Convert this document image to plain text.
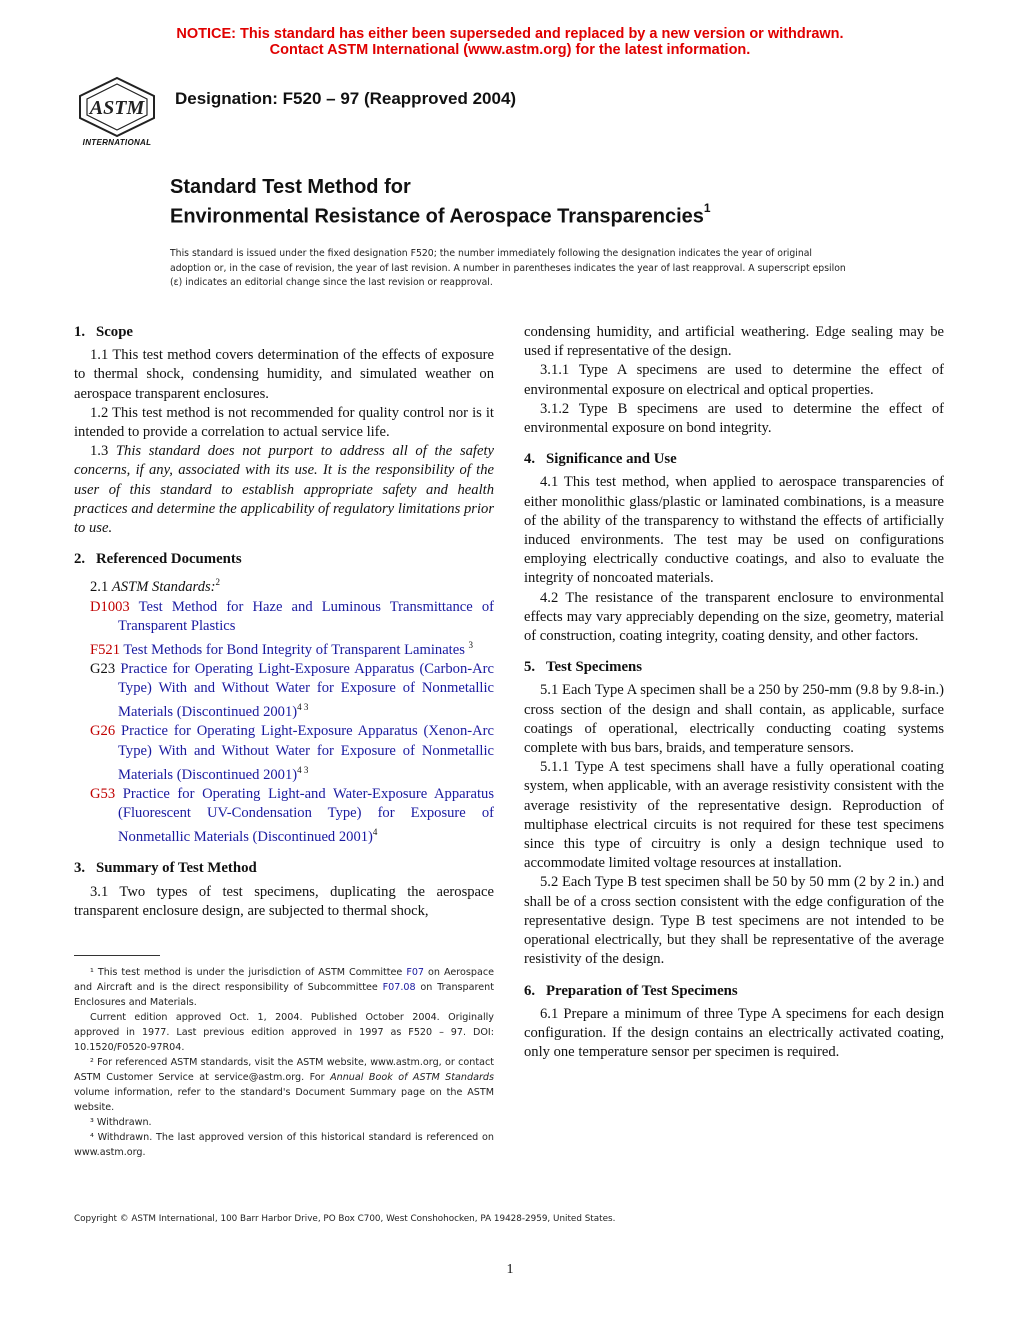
NOTICE: This standard has either been superseded and replaced by a new version or withdrawn.
Contact ASTM International (www.astm.org) for the latest information.
ASTM
INTERNATIONAL
Designation: F520 – 97 (Reapproved 2004)
Standard Test Method for
Environmental Resistance of Aerospace Transparencies$^1$
This standard is issued under the fixed designation F520; the number immediately following the designation indicates the year of original adoption or, in the case of revision, the year of last revision. A number in parentheses indicates the year of last reapproval. A superscript epsilon (ε) indicates an editorial change since the last revision or reapproval.
1. Scope

1.1 This test method covers determination of the effects of exposure to thermal shock, condensing humidity, and simulated weather on aerospace transparent enclosures.

1.2 This test method is not recommended for quality control nor is it intended to provide a correlation to actual service life.

1.3 This standard does not purport to address all of the safety concerns, if any, associated with its use. It is the responsibility of the user of this standard to establish appropriate safety and health practices and determine the applicability of regulatory limitations prior to use.

2. Referenced Documents

2.1 ASTM Standards:$^2$

D1003 Test Method for Haze and Luminous Transmittance of Transparent Plastics
F521 Test Methods for Bond Integrity of Transparent Laminates $^3$
G23 Practice for Operating Light-Exposure Apparatus (Carbon-Arc Type) With and Without Water for Exposure of Nonmetallic Materials (Discontinued 2001)$^{4 3}$
G26 Practice for Operating Light-Exposure Apparatus (Xenon-Arc Type) With and Without Water for Exposure of Nonmetallic Materials (Discontinued 2001)$^{4 3}$
G53 Practice for Operating Light-and Water-Exposure Apparatus (Fluorescent UV-Condensation Type) for Exposure of Nonmetallic Materials (Discontinued 2001)$^4$
3. Summary of Test Method

3.1 Two types of test specimens, duplicating the aerospace transparent enclosure design, are subjected to thermal shock,

¹ This test method is under the jurisdiction of ASTM Committee F07 on Aerospace and Aircraft and is the direct responsibility of Subcommittee F07.08 on Transparent Enclosures and Materials.

Current edition approved Oct. 1, 2004. Published October 2004. Originally approved in 1977. Last previous edition approved in 1997 as F520 – 97. DOI: 10.1520/F0520-97R04.

² For referenced ASTM standards, visit the ASTM website, www.astm.org, or contact ASTM Customer Service at service@astm.org. For Annual Book of ASTM Standards volume information, refer to the standard's Document Summary page on the ASTM website.

³ Withdrawn.

⁴ Withdrawn. The last approved version of this historical standard is referenced on www.astm.org.

condensing humidity, and artificial weathering. Edge sealing may be used if representative of the design.

3.1.1 Type A specimens are used to determine the effect of environmental exposure on electrical and optical properties.

3.1.2 Type B specimens are used to determine the effect of environmental exposure on bond integrity.

4. Significance and Use

4.1 This test method, when applied to aerospace transparencies of either monolithic glass/plastic or laminated combinations, is a measure of the ability of the transparency to withstand the effects of artificially induced environments. The test may be used on configurations employing electrically conductive coatings, and also to evaluate the integrity of noncoated materials.

4.2 The resistance of the transparent enclosure to environmental effects may vary appreciably depending on the size, geometry, material of construction, coating integrity, coating density, and other factors.

5. Test Specimens

5.1 Each Type A specimen shall be a 250 by 250-mm (9.8 by 9.8-in.) cross section of the design and shall contain, as applicable, surface coatings of operational, electrically conducting coating systems complete with bus bars, braids, and temperature sensors.

5.1.1 Type A test specimens shall have a fully operational coating system, when applicable, with an average resistivity consistent with the average resistivity of the representative design. Reproduction of multiphase electrical circuits is not required for these test specimens since this type of circuitry is only a design technique used to accommodate limited voltage resources at installation.

5.2 Each Type B test specimen shall be 50 by 50 mm (2 by 2 in.) and shall be of a cross section consistent with the edge configuration of the representative design. Type B test specimens are not intended to be operational electrically, but they shall be representative of the average resistivity of the design.

6. Preparation of Test Specimens

6.1 Prepare a minimum of three Type A specimens for each design configuration. If the design contains an electrically activated coating, only one temperature sensor per specimen is required.

Copyright © ASTM International, 100 Barr Harbor Drive, PO Box C700, West Conshohocken, PA 19428-2959, United States.
1
